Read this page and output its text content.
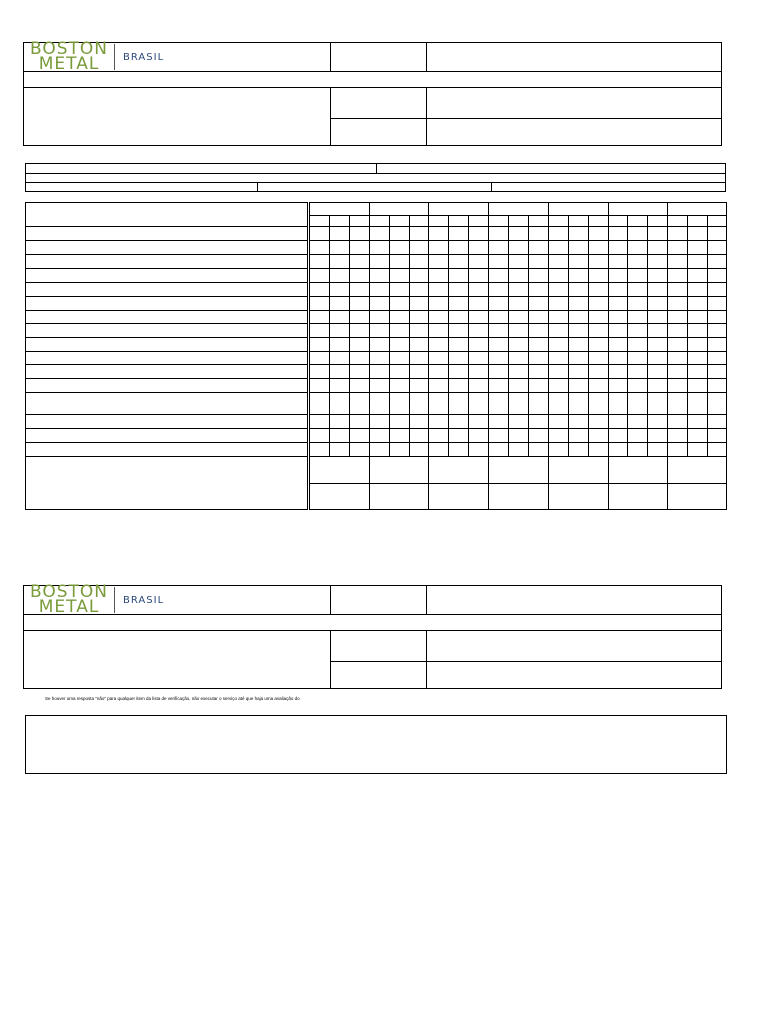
BOSTON
METAL	BRASIL
BOSTON
METAL	BRASIL
Se houver uma resposta "não" para qualquer item da lista de verificação, não executar o serviço até que haja uma avaliação do
